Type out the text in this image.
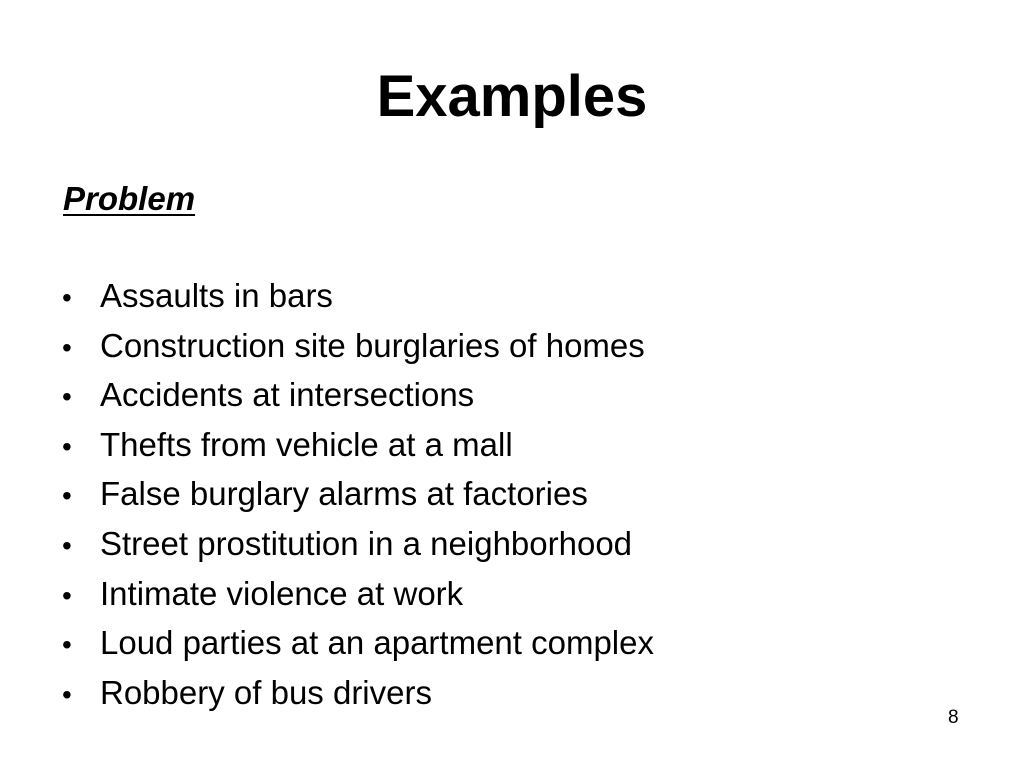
Examples
Problem
• Assaults in bars
• Construction site burglaries of homes
• Accidents at intersections
• Thefts from vehicle at a mall
• False burglary alarms at factories
• Street prostitution in a neighborhood
• Intimate violence at work
• Loud parties at an apartment complex
• Robbery of bus drivers
8
